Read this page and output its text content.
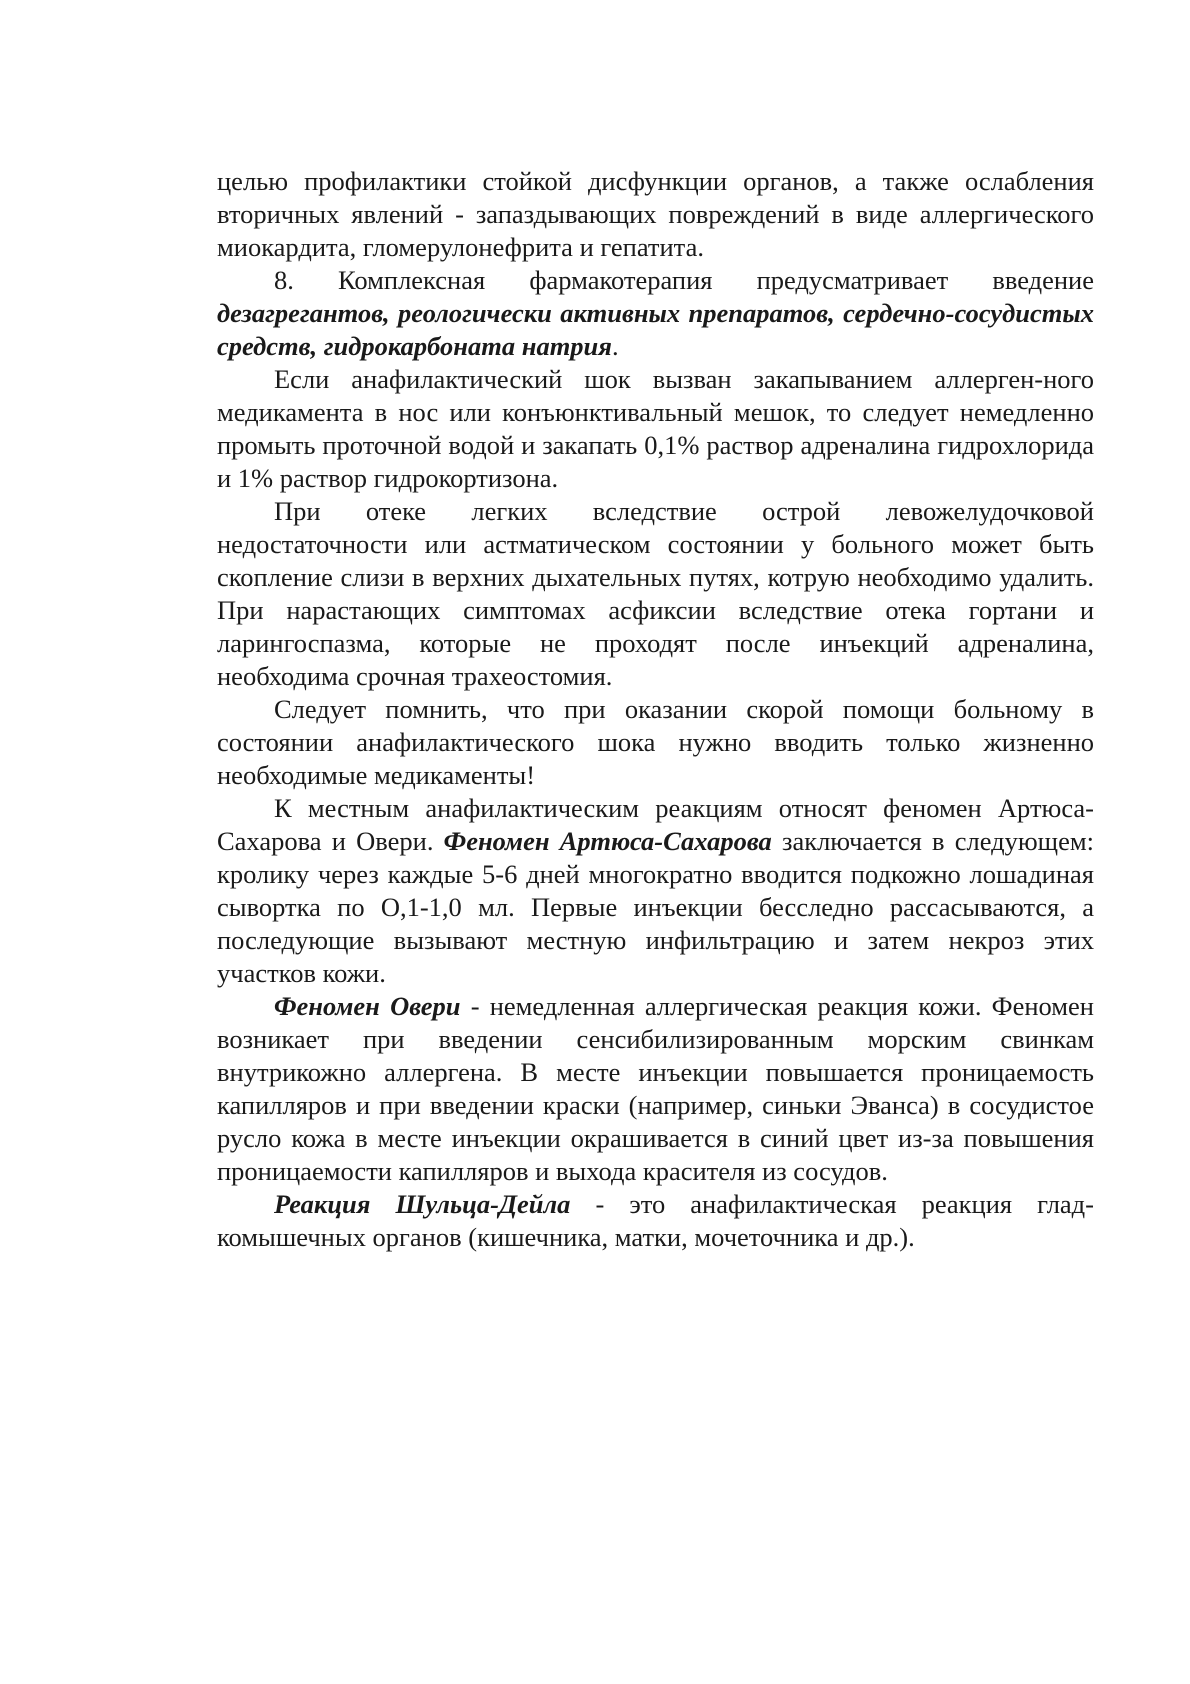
целью профилактики стойкой дисфункции органов, а также ослабления вторичных явлений - запаздывающих повреждений в виде аллергического миокардита, гломерулонефрита и гепатита.

8. Комплексная фармакотерапия предусматривает введение дезагрегантов, реологически активных препаратов, сердечно-сосудистых средств, гидрокарбоната натрия.

Если анафилактический шок вызван закапыванием аллерген-ного медикамента в нос или конъюнктивальный мешок, то следует немедленно промыть проточной водой и закапать 0,1% раствор адреналина гидрохлорида и 1% раствор гидрокортизона.

При отеке легких вследствие острой левожелудочковой недостаточности или астматическом состоянии у больного может быть скопление слизи в верхних дыхательных путях, котрую необходимо удалить. При нарастающих симптомах асфиксии вследствие отека гортани и ларингоспазма, которые не проходят после инъекций адреналина, необходима срочная трахеостомия.

Следует помнить, что при оказании скорой помощи больному в состоянии анафилактического шока нужно вводить только жизненно необходимые медикаменты!

К местным анафилактическим реакциям относят феномен Артюса-Сахарова и Овери. Феномен Артюса-Сахарова заключается в следующем: кролику через каждые 5-6 дней многократно вводится подкожно лошадиная сывортка по О,1-1,0 мл. Первые инъекции бесследно рассасываются, а последующие вызывают местную инфильтрацию и затем некроз этих участков кожи.

Феномен Овери - немедленная аллергическая реакция кожи. Феномен возникает при введении сенсибилизированным морским свинкам внутрикожно аллергена. В месте инъекции повышается проницаемость капилляров и при введении краски (например, синьки Эванса) в сосудистое русло кожа в месте инъекции окрашивается в синий цвет из-за повышения проницаемости капилляров и выхода красителя из сосудов.

Реакция Шульца-Дейла - это анафилактическая реакция глад-комышечных органов (кишечника, матки, мочеточника и др.).
